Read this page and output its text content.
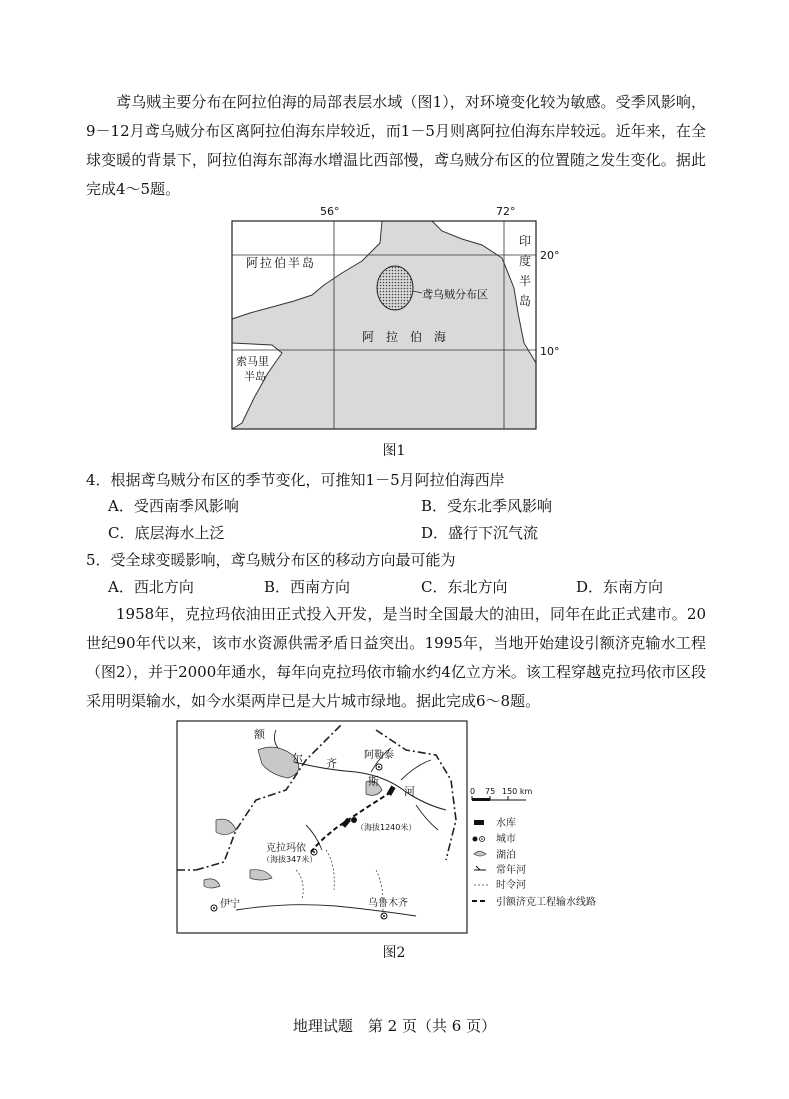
鸢乌贼主要分布在阿拉伯海的局部表层水域（图1），对环境变化较为敏感。受季风影响，9－12月鸢乌贼分布区离阿拉伯海东岸较近，而1－5月则离阿拉伯海东岸较远。近年来，在全球变暖的背景下，阿拉伯海东部海水增温比西部慢，鸢乌贼分布区的位置随之发生变化。据此完成4～5题。
56°	72°
20°
10°
阿拉伯半岛
印
度
半
岛
鸢乌贼分布区
阿　拉　伯　海
索马里
半岛
图1
4．根据鸢乌贼分布区的季节变化，可推知1－5月阿拉伯海西岸
A．受西南季风影响	B．受东北季风影响
C．底层海水上泛	D．盛行下沉气流
5．受全球变暖影响，鸢乌贼分布区的移动方向最可能为
A．西北方向	B．西南方向	C．东北方向	D．东南方向
1958年，克拉玛依油田正式投入开发，是当时全国最大的油田，同年在此正式建市。20世纪90年代以来，该市水资源供需矛盾日益突出。1995年，当地开始建设引额济克输水工程（图2），并于2000年通水，每年向克拉玛依市输水约4亿立方米。该工程穿越克拉玛依市区段采用明渠输水，如今水渠两岸已是大片城市绿地。据此完成6～8题。
额
尔 齐
斯
河
阿勒泰
（海拔1240米）
克拉玛依
（海拔347米）
伊宁	乌鲁木齐
0 75 150 km
水库
城市
湖泊
常年河
时令河
引额济克工程输水线路
图2
地理试题　第 2 页（共 6 页）
